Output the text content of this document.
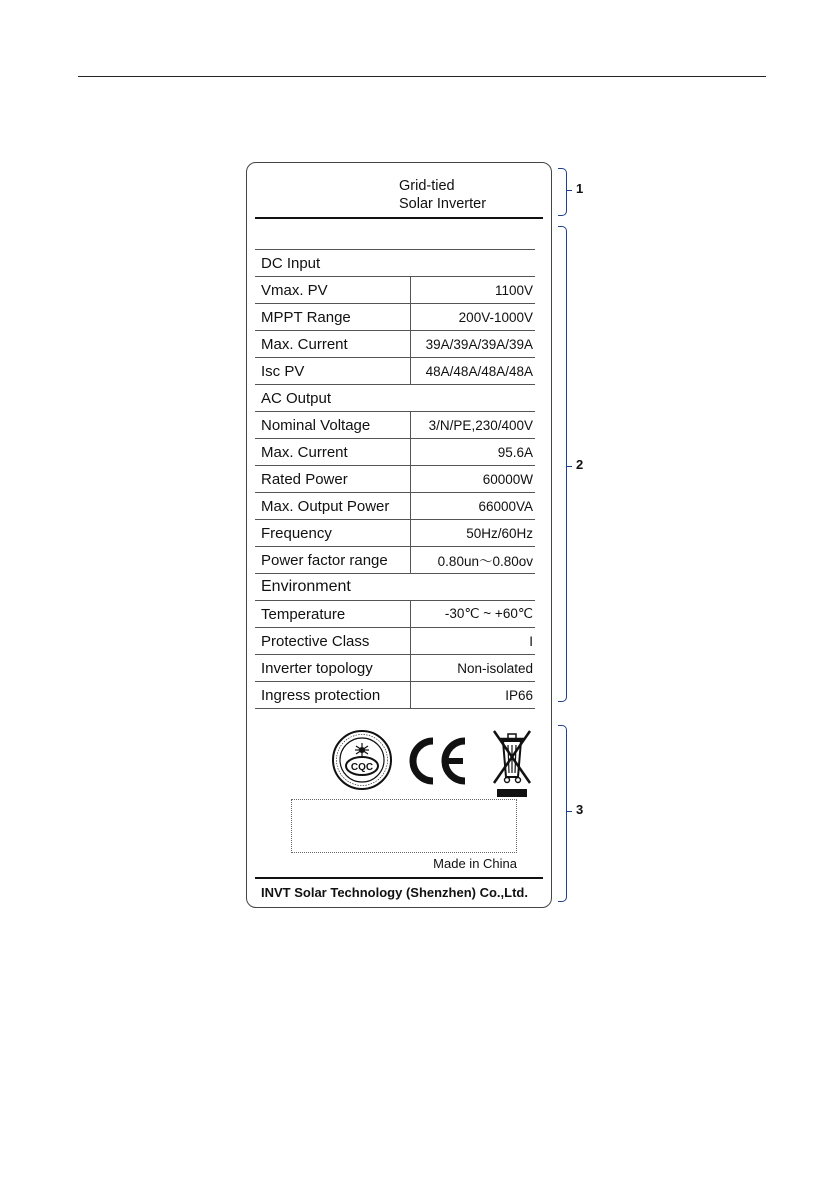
Grid-tied
Solar Inverter
DC Input
Vmax. PV	1100V
MPPT Range	200V-1000V
Max. Current	39A/39A/39A/39A
Isc PV	48A/48A/48A/48A
AC Output
Nominal Voltage	3/N/PE,230/400V
Max. Current	95.6A
Rated Power	60000W
Max. Output Power	66000VA
Frequency	50Hz/60Hz
Power factor range	0.80un～0.80ov
Environment
Temperature	-30℃ ~ +60℃
Protective Class	I
Inverter topology	Non-isolated
Ingress protection	IP66
CQC
Made in China
INVT Solar Technology (Shenzhen) Co.,Ltd.
1
2
3
